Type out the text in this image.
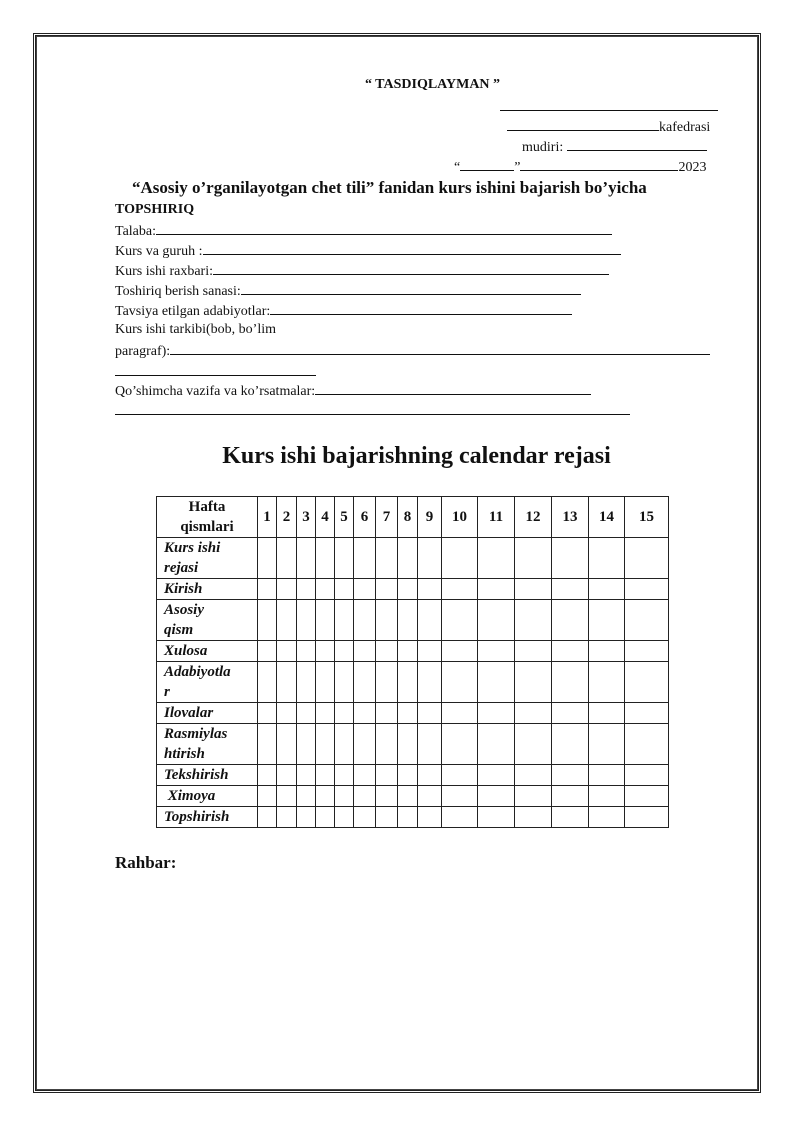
“ TASDIQLAYMAN ”
kafedrasi
mudiri:
“	”	2023
“Asosiy o’rganilayotgan chet tili” fanidan kurs ishini bajarish bo’yicha
TOPSHIRIQ
Talaba:
Kurs va guruh :
Kurs ishi raxbari:
Toshiriq berish sanasi:
Tavsiya etilgan adabiyotlar:
Kurs ishi tarkibi(bob, bo’lim
paragraf):
Qo’shimcha vazifa va ko’rsatmalar:
Kurs ishi bajarishning calendar rejasi
Hafta
qismlari	1	2	3	4	5	6	7	8	9	10	11	12	13	14	15

Kurs ishi
rejasi															

Kirish															

Asosiy
qism															

Xulosa															

Adabiyotla
r															

Ilovalar															

Rasmiylas
htirish															

Tekshirish															

Ximoya															

Topshirish															

Rahbar:
